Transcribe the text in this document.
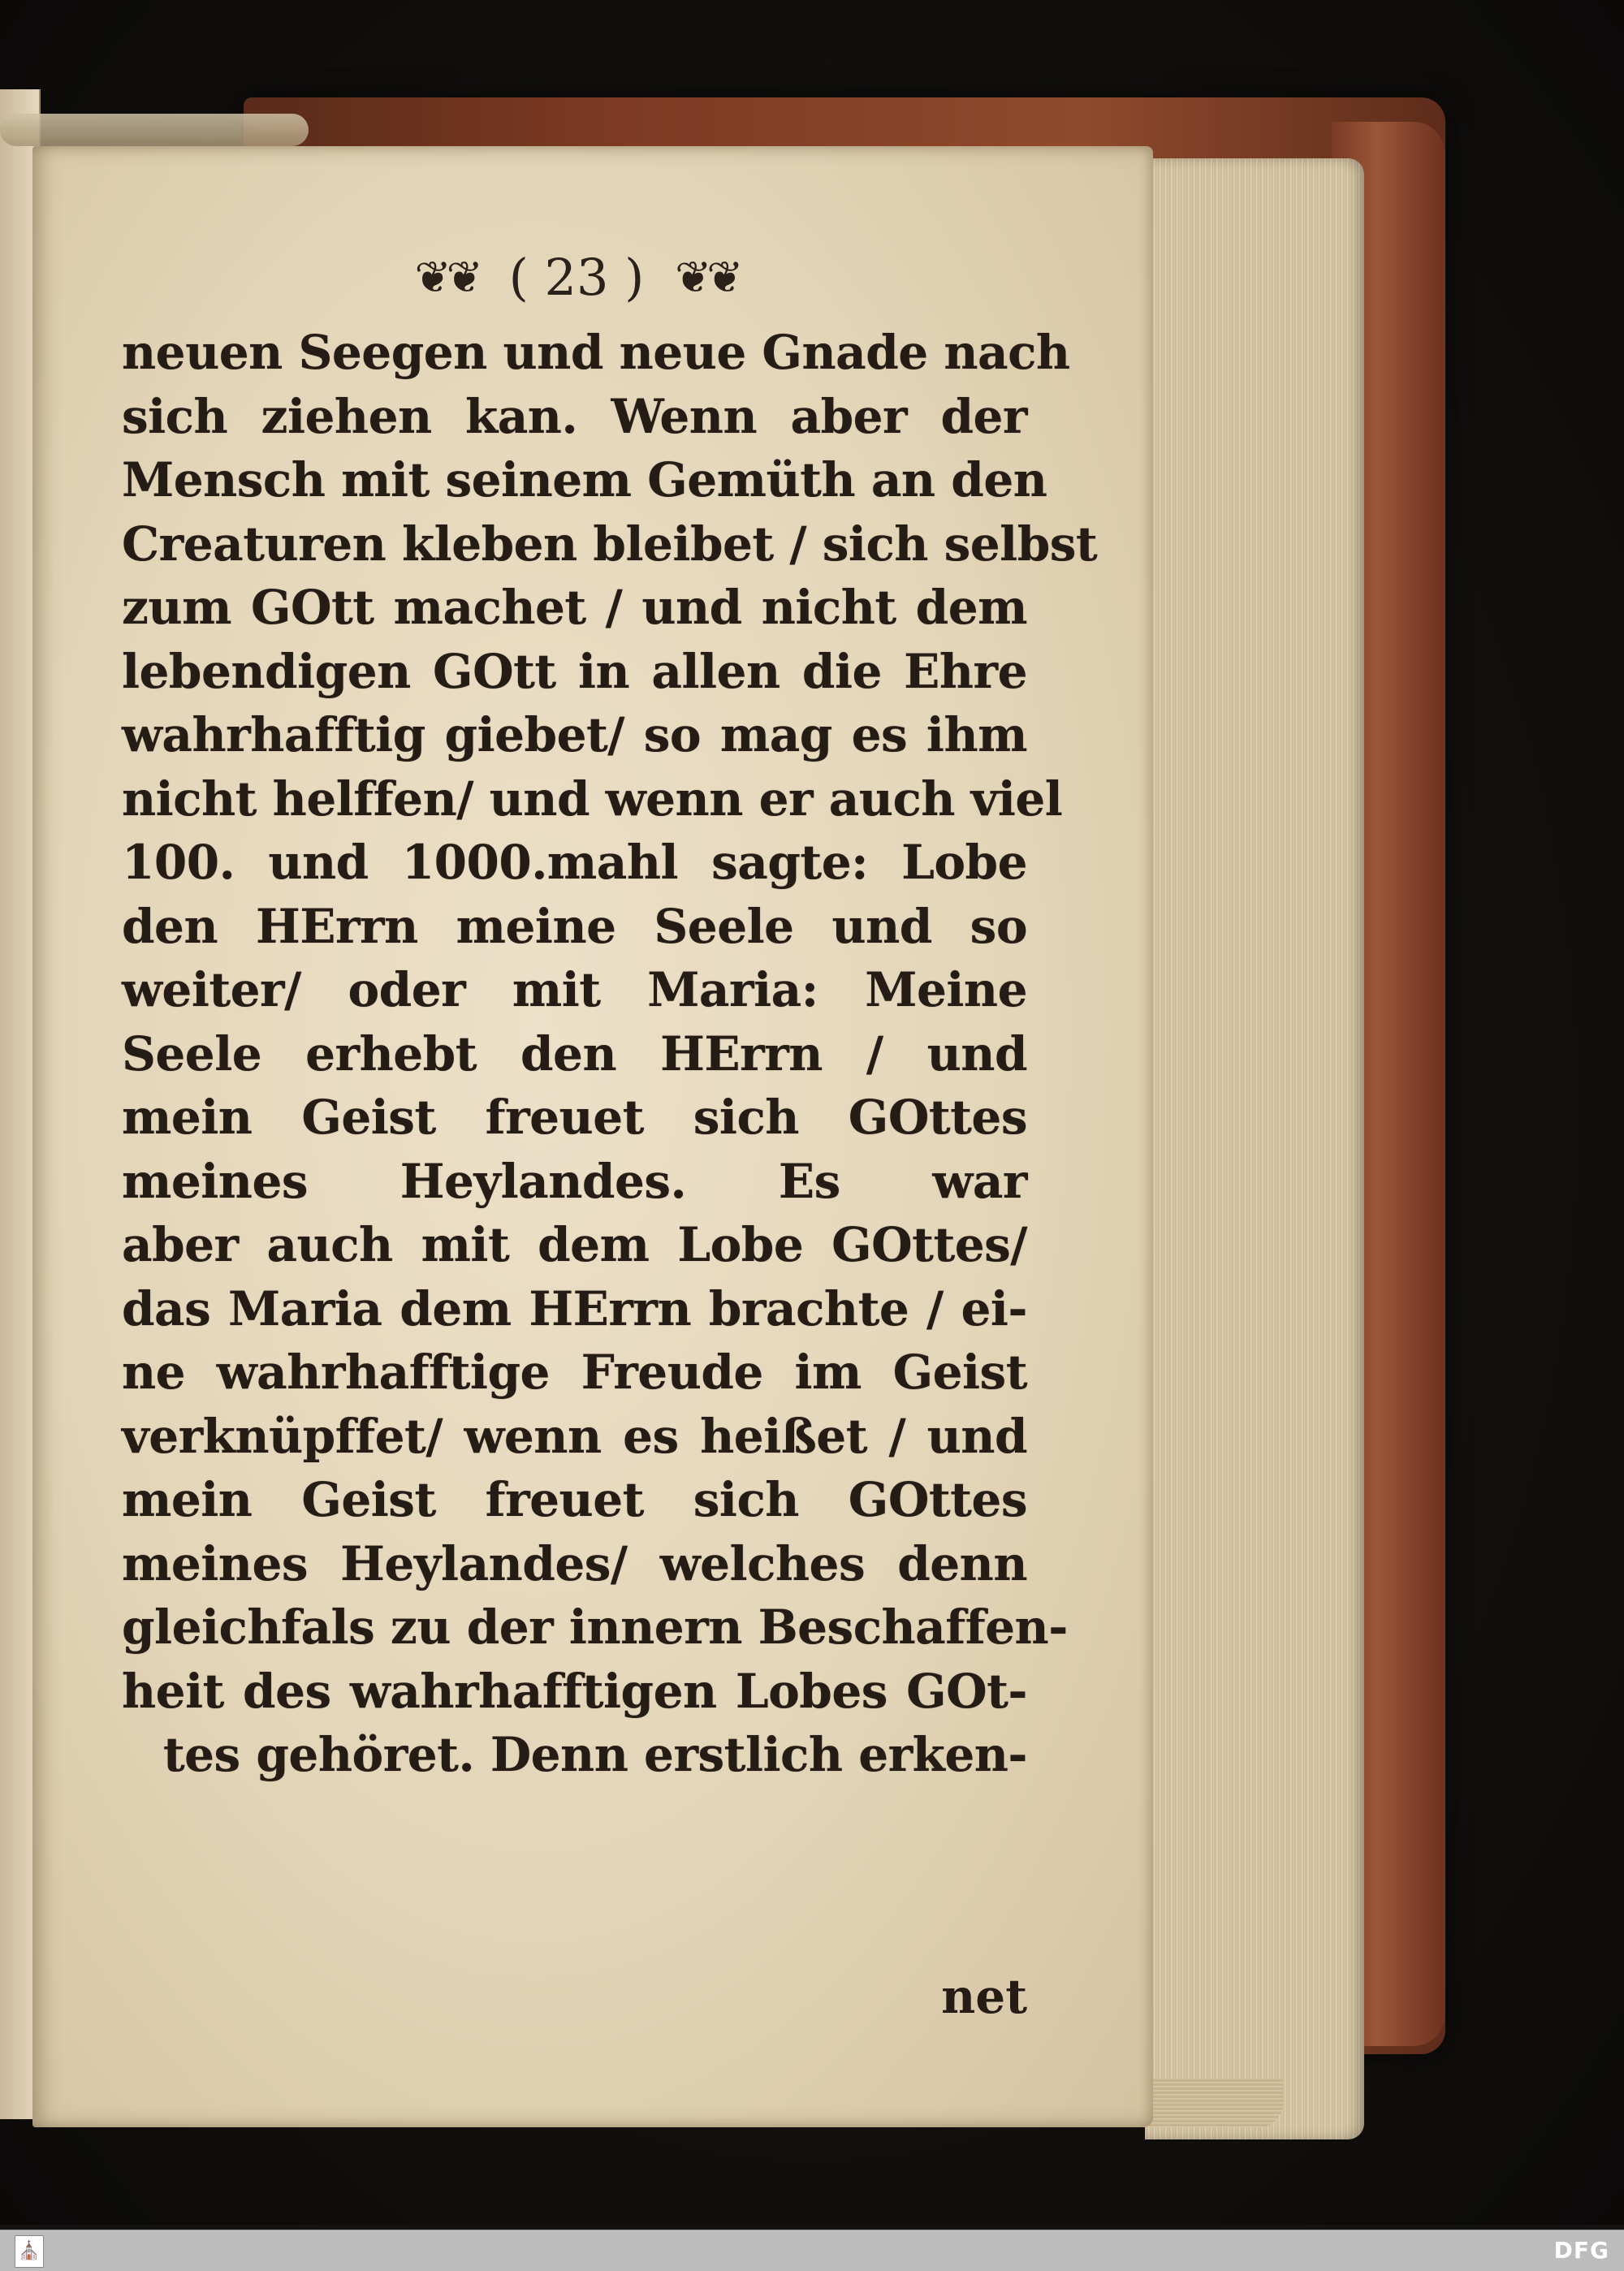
❦❦ ( 23 ) ❦❦
neuen Seegen und neue Gnade nach
sich ziehen kan. Wenn aber der
Mensch mit seinem Gemüth an den
Creaturen kleben bleibet / sich selbst
zum GOtt machet / und nicht dem
lebendigen GOtt in allen die Ehre
wahrhafftig giebet/ so mag es ihm
nicht helffen/ und wenn er auch viel
100. und 1000.mahl sagte: Lobe
den HErrn meine Seele und so
weiter/ oder mit Maria: Meine
Seele erhebt den HErrn / und
mein Geist freuet sich GOttes
meines Heylandes. Es war
aber auch mit dem Lobe GOttes/
das Maria dem HErrn brachte / ei-
ne wahrhafftige Freude im Geist
verknüpffet/ wenn es heißet / und
mein Geist freuet sich GOttes
meines Heylandes/ welches denn
gleichfals zu der innern Beschaffen-
heit des wahrhafftigen Lobes GOt-
tes gehöret. Denn erstlich erken-
net
⛪	DFG
